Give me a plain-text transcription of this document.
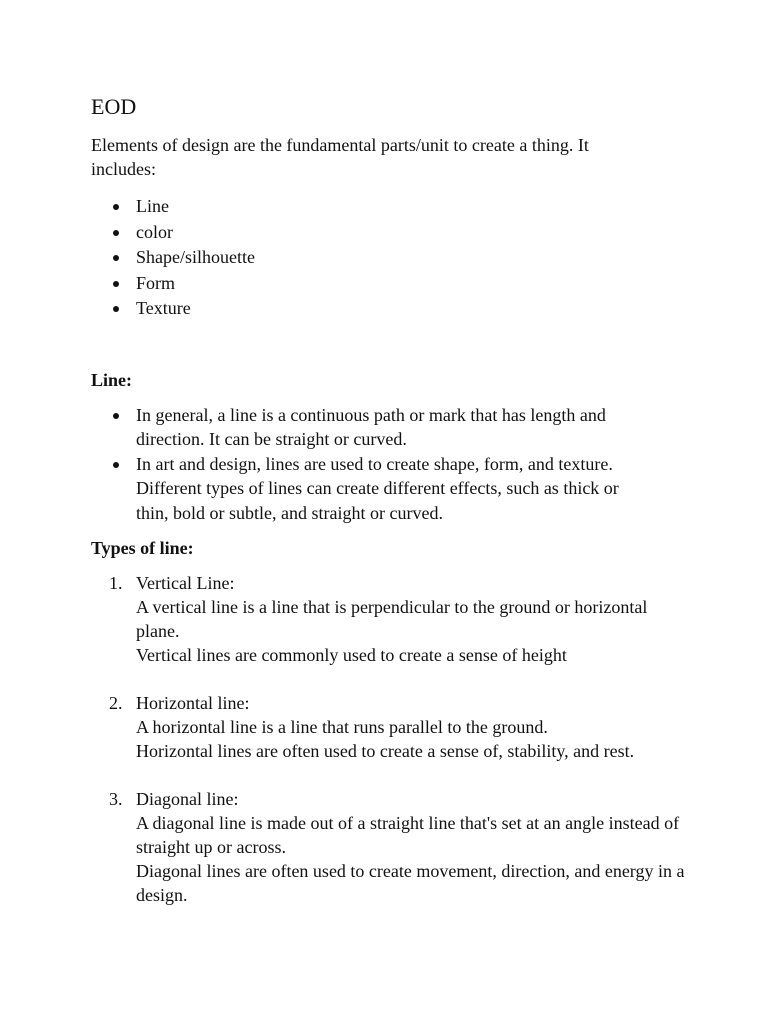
EOD

Elements of design are the fundamental parts/unit to create a thing. It includes:

Line
color
Shape/silhouette
Form
Texture

Line:

In general, a line is a continuous path or mark that has length and direction. It can be straight or curved.
In art and design, lines are used to create shape, form, and texture. Different types of lines can create different effects, such as thick or thin, bold or subtle, and straight or curved.

Types of line:

1. Vertical Line:
A vertical line is a line that is perpendicular to the ground or horizontal plane.
Vertical lines are commonly used to create a sense of height
2. Horizontal line:
A horizontal line is a line that runs parallel to the ground.
Horizontal lines are often used to create a sense of, stability, and rest.
3. Diagonal line:
A diagonal line is made out of a straight line that's set at an angle instead of straight up or across.
Diagonal lines are often used to create movement, direction, and energy in a design.
